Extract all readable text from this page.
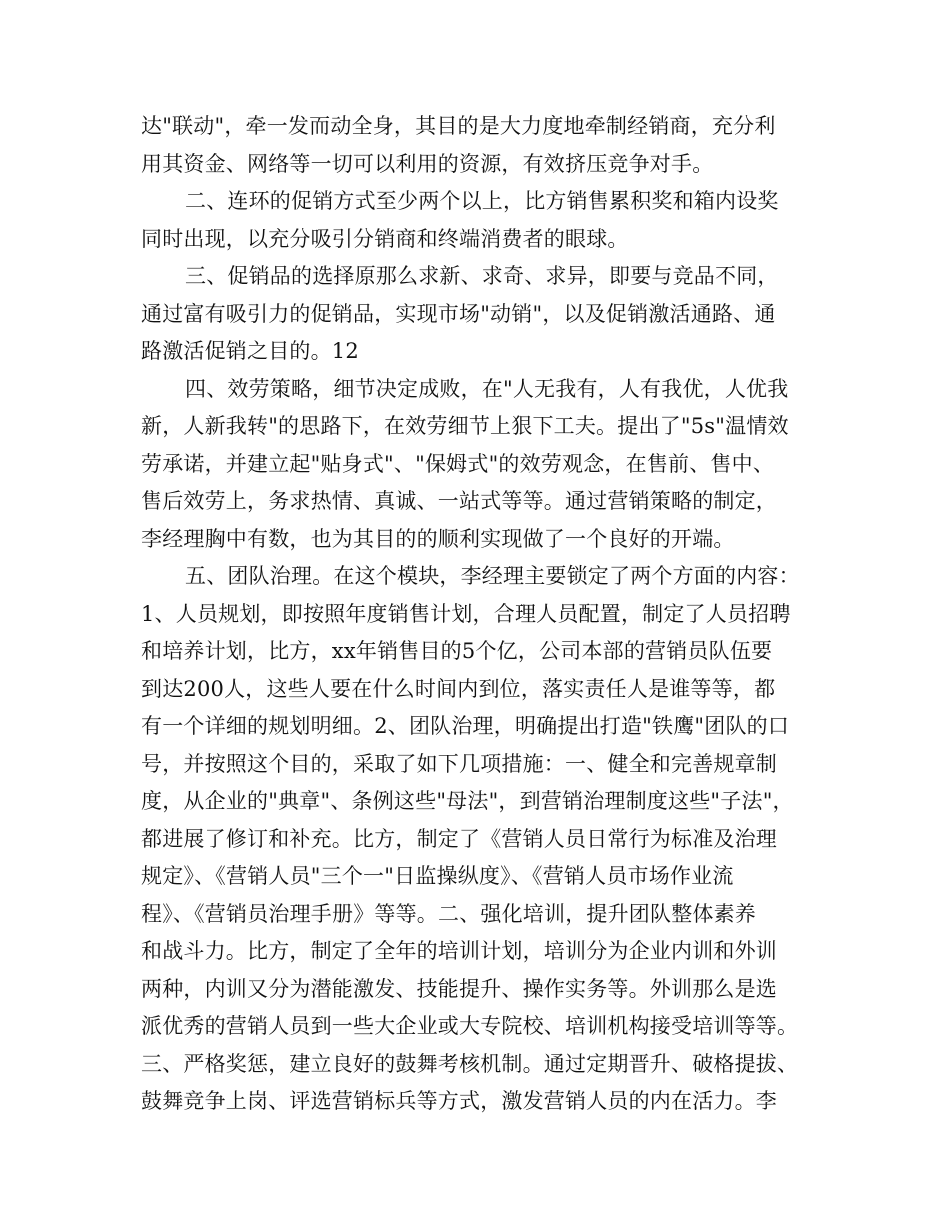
达"联动"，牵一发而动全身，其目的是大力度地牵制经销商，充分利
用其资金、网络等一切可以利用的资源，有效挤压竞争对手。
二、连环的促销方式至少两个以上，比方销售累积奖和箱内设奖
同时出现，以充分吸引分销商和终端消费者的眼球。
三、促销品的选择原那么求新、求奇、求异，即要与竞品不同，
通过富有吸引力的促销品，实现市场"动销"，以及促销激活通路、通
路激活促销之目的。12
四、效劳策略，细节决定成败，在"人无我有，人有我优，人优我
新，人新我转"的思路下，在效劳细节上狠下工夫。提出了"5s"温情效
劳承诺，并建立起"贴身式"、"保姆式"的效劳观念，在售前、售中、
售后效劳上，务求热情、真诚、一站式等等。通过营销策略的制定，
李经理胸中有数，也为其目的的顺利实现做了一个良好的开端。
五、团队治理。在这个模块，李经理主要锁定了两个方面的内容：
1、人员规划，即按照年度销售计划，合理人员配置，制定了人员招聘
和培养计划，比方，xx年销售目的5个亿，公司本部的营销员队伍要
到达200人，这些人要在什么时间内到位，落实责任人是谁等等，都
有一个详细的规划明细。2、团队治理，明确提出打造"铁鹰"团队的口
号，并按照这个目的，采取了如下几项措施：一、健全和完善规章制
度，从企业的"典章"、条例这些"母法"，到营销治理制度这些"子法"，
都进展了修订和补充。比方，制定了《营销人员日常行为标准及治理
规定》、《营销人员"三个一"日监操纵度》、《营销人员市场作业流
程》、《营销员治理手册》等等。二、强化培训，提升团队整体素养
和战斗力。比方，制定了全年的培训计划，培训分为企业内训和外训
两种，内训又分为潜能激发、技能提升、操作实务等。外训那么是选
派优秀的营销人员到一些大企业或大专院校、培训机构接受培训等等。
三、严格奖惩，建立良好的鼓舞考核机制。通过定期晋升、破格提拔、
鼓舞竞争上岗、评选营销标兵等方式，激发营销人员的内在活力。李
